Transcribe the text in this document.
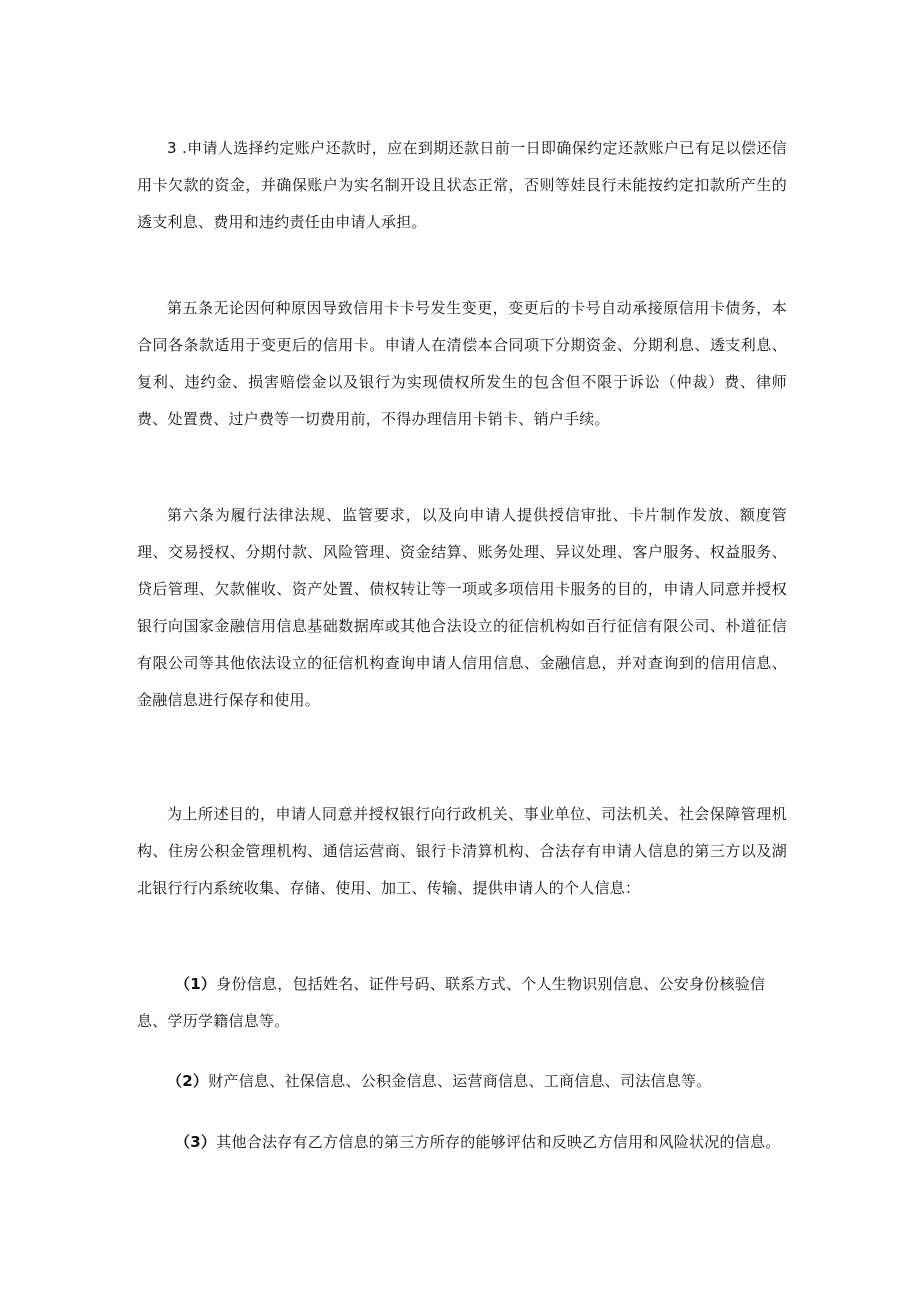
3 .申请人选择约定账户还款时，应在到期还款日前一日即确保约定还款账户已有足以偿还信用卡欠款的资金，并确保账户为实名制开设且状态正常，否则等娃艮行未能按约定扣款所产生的透支利息、费用和违约责任由申请人承担。

第五条无论因何种原因导致信用卡卡号发生变更，变更后的卡号自动承接原信用卡债务，本合同各条款适用于变更后的信用卡。申请人在清偿本合同项下分期资金、分期利息、透支利息、复利、违约金、损害赔偿金以及银行为实现债权所发生的包含但不限于诉讼（仲裁）费、律师费、处置费、过户费等一切费用前，不得办理信用卡销卡、销户手续。

第六条为履行法律法规、监管要求，以及向申请人提供授信审批、卡片制作发放、额度管理、交易授权、分期付款、风险管理、资金结算、账务处理、异议处理、客户服务、权益服务、贷后管理、欠款催收、资产处置、债权转让等一项或多项信用卡服务的目的，申请人同意并授权银行向国家金融信用信息基础数据库或其他合法设立的征信机构如百行征信有限公司、朴道征信有限公司等其他依法设立的征信机构查询申请人信用信息、金融信息，并对查询到的信用信息、金融信息进行保存和使用。

为上所述目的，申请人同意并授权银行向行政机关、事业单位、司法机关、社会保障管理机构、住房公积金管理机构、通信运营商、银行卡清算机构、合法存有申请人信息的第三方以及湖北银行行内系统收集、存储、使用、加工、传输、提供申请人的个人信息：

（1）身份信息，包括姓名、证件号码、联系方式、个人生物识别信息、公安身份核验信息、学历学籍信息等。

（2）财产信息、社保信息、公积金信息、运营商信息、工商信息、司法信息等。

（3）其他合法存有乙方信息的第三方所存的能够评估和反映乙方信用和风险状况的信息。
